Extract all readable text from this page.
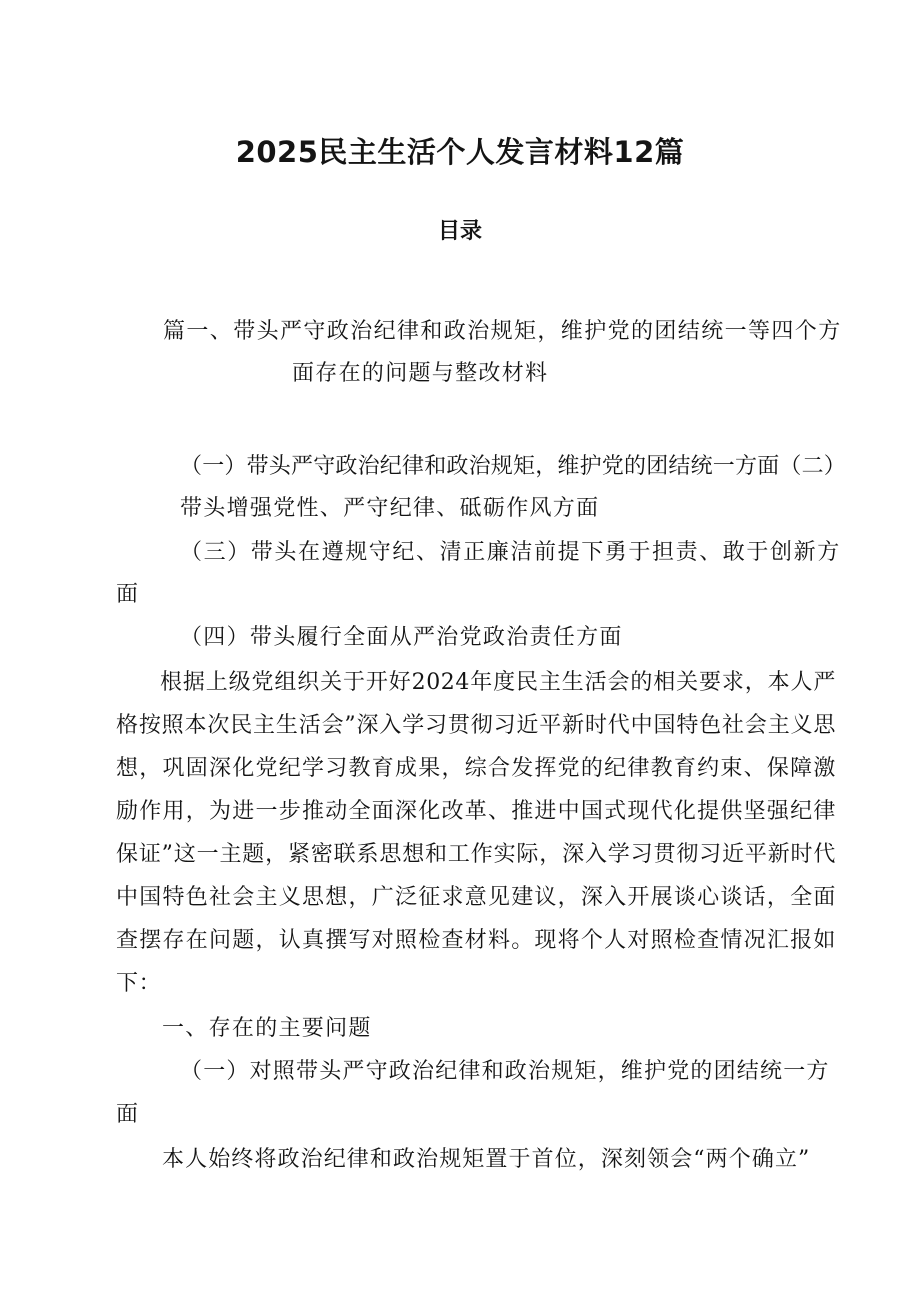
2025民主生活个人发言材料12篇
目录

篇一、带头严守政治纪律和政治规矩，维护党的团结统一等四个方

面存在的问题与整改材料

（一）带头严守政治纪律和政治规矩，维护党的团结统一方面（二）

带头增强党性、严守纪律、砥砺作风方面

（三）带头在遵规守纪、清正廉洁前提下勇于担责、敢于创新方

面

（四）带头履行全面从严治党政治责任方面

根据上级党组织关于开好2024年度民主生活会的相关要求，本人严格按照本次民主生活会”深入学习贯彻习近平新时代中国特色社会主义思想，巩固深化党纪学习教育成果，综合发挥党的纪律教育约束、保障激励作用，为进一步推动全面深化改革、推进中国式现代化提供坚强纪律保证”这一主题，紧密联系思想和工作实际，深入学习贯彻习近平新时代中国特色社会主义思想，广泛征求意见建议，深入开展谈心谈话，全面查摆存在问题，认真撰写对照检查材料。现将个人对照检查情况汇报如下：

一、存在的主要问题

（一）对照带头严守政治纪律和政治规矩，维护党的团结统一方

面

本人始终将政治纪律和政治规矩置于首位，深刻领会“两个确立”
